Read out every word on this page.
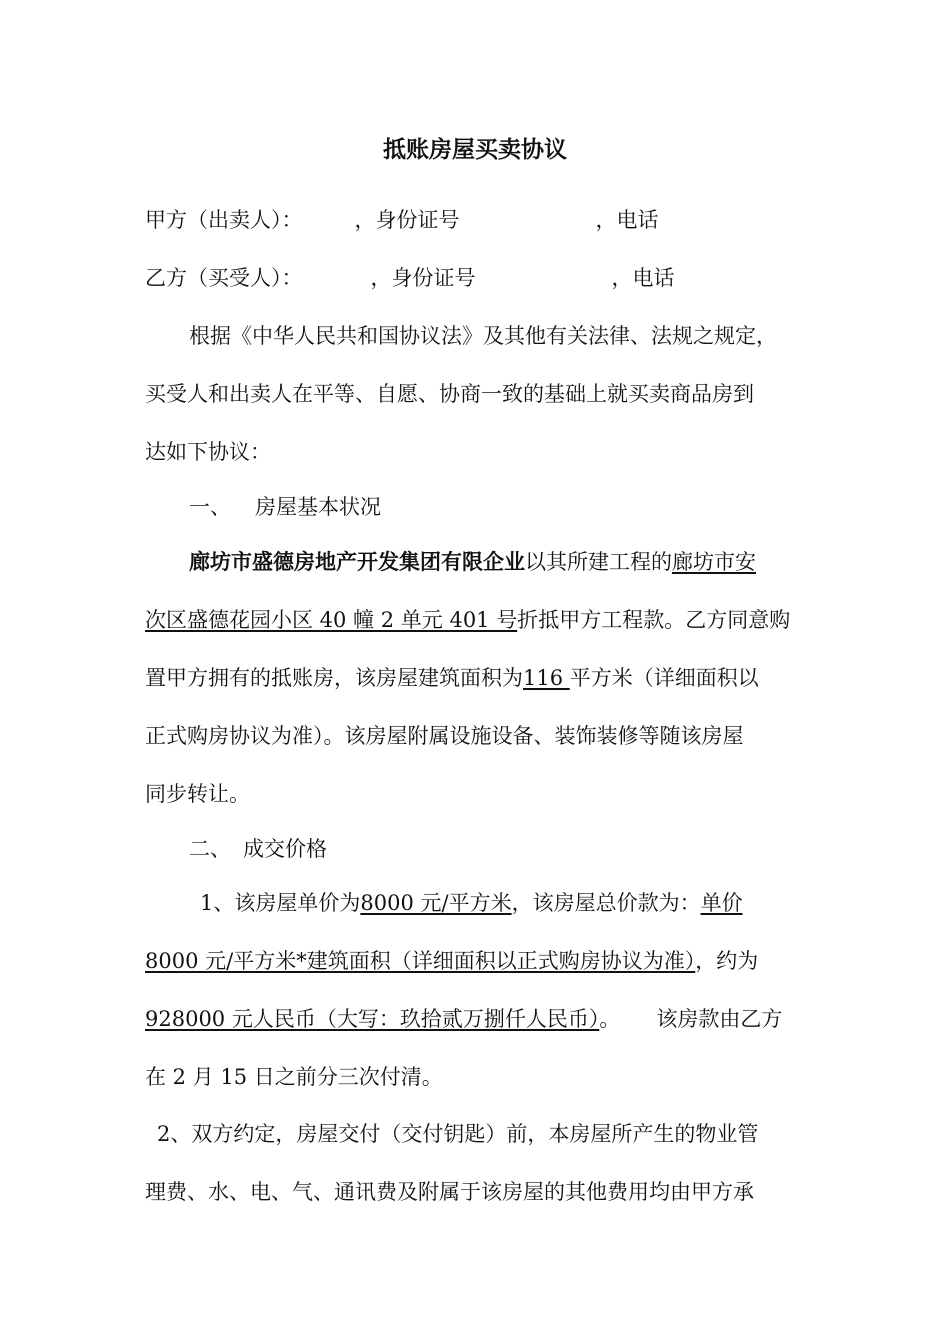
抵账房屋买卖协议
甲方（出卖人）： ，身份证号	，电话
乙方（买受人）：	，身份证号	，电话
根据《中华人民共和国协议法》及其他有关法律、法规之规定，
买受人和出卖人在平等、自愿、协商一致的基础上就买卖商品房到
达如下协议：
一、 房屋基本状况
廊坊市盛德房地产开发集团有限企业以其所建工程的廊坊市安
次区盛德花园小区 40 幢 2 单元 401 号折抵甲方工程款。乙方同意购
置甲方拥有的抵账房，该房屋建筑面积为116 平方米（详细面积以
正式购房协议为准）。该房屋附属设施设备、装饰装修等随该房屋
同步转让。
二、 成交价格
1、该房屋单价为8000 元/平方米，该房屋总价款为：单价
8000 元/平方米*建筑面积（详细面积以正式购房协议为准），约为
928000 元人民币（大写：玖拾贰万捌仟人民币）。 该房款由乙方
在 2 月 15 日之前分三次付清。
2、双方约定，房屋交付（交付钥匙）前，本房屋所产生的物业管
理费、水、电、气、通讯费及附属于该房屋的其他费用均由甲方承
